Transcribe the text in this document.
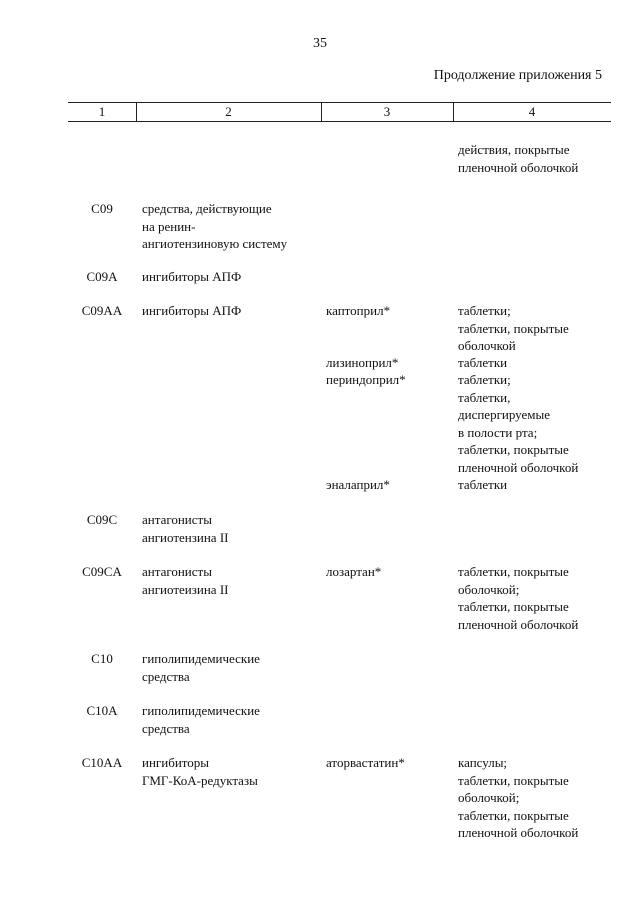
35
Продолжение приложения 5
1	2	3	4
действия, покрытые
пленочной оболочкой
C09	средства, действующие
на ренин-
ангиотензиновую систему
C09A	ингибиторы АПФ
C09AA	ингибиторы АПФ	каптоприл*	таблетки;
таблетки, покрытые
оболочкой
лизиноприл*	таблетки
периндоприл*	таблетки;
таблетки,
диспергируемые
в полости рта;
таблетки, покрытые
пленочной оболочкой
эналаприл*	таблетки
C09C	антагонисты
ангиотензина II
C09CA	антагонисты
ангиотеизина II
лозартан*	таблетки, покрытые
оболочкой;
таблетки, покрытые
пленочной оболочкой
C10	гиполипидемические
средства
C10A	гиполипидемические
средства
C10AA	ингибиторы
ГМГ-КоА-редуктазы
аторвастатин*	капсулы;
таблетки, покрытые
оболочкой;
таблетки, покрытые
пленочной оболочкой
